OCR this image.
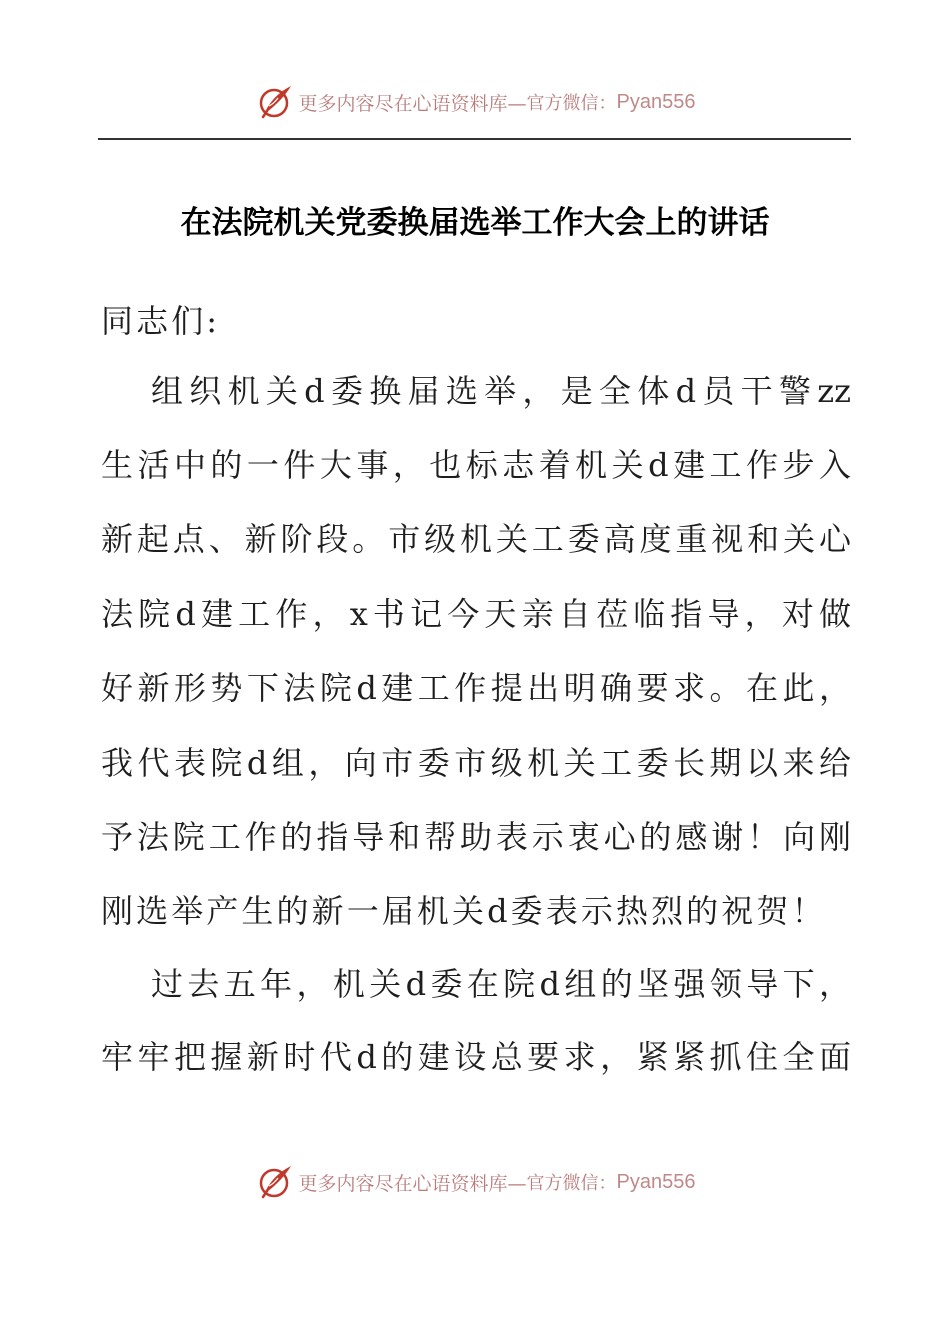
更多内容尽在心语资料库— 官方微信： Pyan556
在法院机关党委换届选举工作大会上的讲话
同志们:
组织机关d委换届选举，是全体d员干警zz
生活中的一件大事，也标志着机关d建工作步入
新起点、新阶段。市级机关工委高度重视和关心
法院d建工作，x书记今天亲自莅临指导，对做
好新形势下法院d建工作提出明确要求。在此，
我代表院d组，向市委市级机关工委长期以来给
予法院工作的指导和帮助表示衷心的感谢！向刚
刚选举产生的新一届机关d委表示热烈的祝贺！
过去五年，机关d委在院d组的坚强领导下，
牢牢把握新时代d的建设总要求，紧紧抓住全面
更多内容尽在心语资料库— 官方微信： Pyan556
